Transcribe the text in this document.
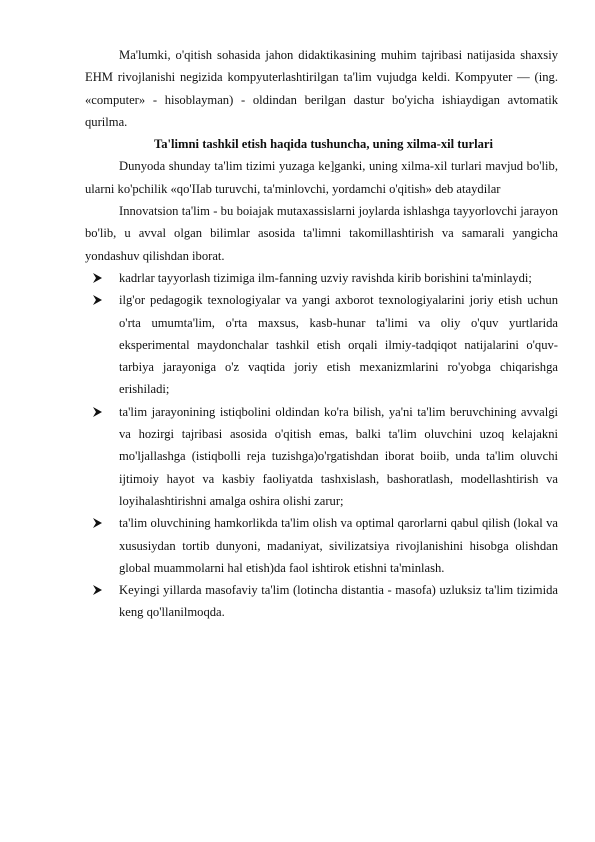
Ma'lumki, o'qitish sohasida jahon didaktikasining muhim tajribasi natijasida shaxsiy EHM rivojlanishi negizida kompyuterlashtirilgan ta'lim vujudga keldi. Kompyuter — (ing. «computer» - hisoblayman) - oldindan berilgan dastur bo'yicha ishiaydigan avtomatik qurilma.

Ta'limni tashkil etish haqida tushuncha, uning xilma-xil turlari

Dunyoda shunday ta'lim tizimi yuzaga ke]ganki, uning xilma-xil turlari mavjud bo'lib, ularni ko'pchilik «qo'IIab turuvchi, ta'minlovchi, yordamchi o'qitish» deb ataydilar

Innovatsion ta'lim - bu boiajak mutaxassislarni joylarda ishlashga tayyorlovchi jarayon bo'lib, u avval olgan bilimlar asosida ta'limni takomillashtirish va samarali yangicha yondashuv qilishdan iborat.

kadrlar tayyorlash tizimiga ilm-fanning uzviy ravishda kirib borishini ta'minlaydi;
ilg'or pedagogik texnologiyalar va yangi axborot texnologiyalarini joriy etish uchun o'rta umumta'lim, o'rta maxsus, kasb-hunar ta'limi va oliy o'quv yurtlarida eksperimental maydonchalar tashkil etish orqali ilmiy-tadqiqot natijalarini o'quv-tarbiya jarayoniga o'z vaqtida joriy etish mexanizmlarini ro'yobga chiqarishga erishiladi;
ta'lim jarayonining istiqbolini oldindan ko'ra bilish, ya'ni ta'lim beruvchining avvalgi va hozirgi tajribasi asosida o'qitish emas, balki ta'lim oluvchini uzoq kelajakni mo'ljallashga (istiqbolli reja tuzishga)o'rgatishdan iborat boiib, unda ta'lim oluvchi ijtimoiy hayot va kasbiy faoliyatda tashxislash, bashoratlash, modellashtirish va loyihalashtirishni amalga oshira olishi zarur;
ta'lim oluvchining hamkorlikda ta'lim olish va optimal qarorlarni qabul qilish (lokal va xususiydan tortib dunyoni, madaniyat, sivilizatsiya rivojlanishini hisobga olishdan global muammolarni hal etish)da faol ishtirok etishni ta'minlash.
Keyingi yillarda masofaviy ta'lim (lotincha distantia - masofa) uzluksiz ta'lim tizimida keng qo'llanilmoqda.
